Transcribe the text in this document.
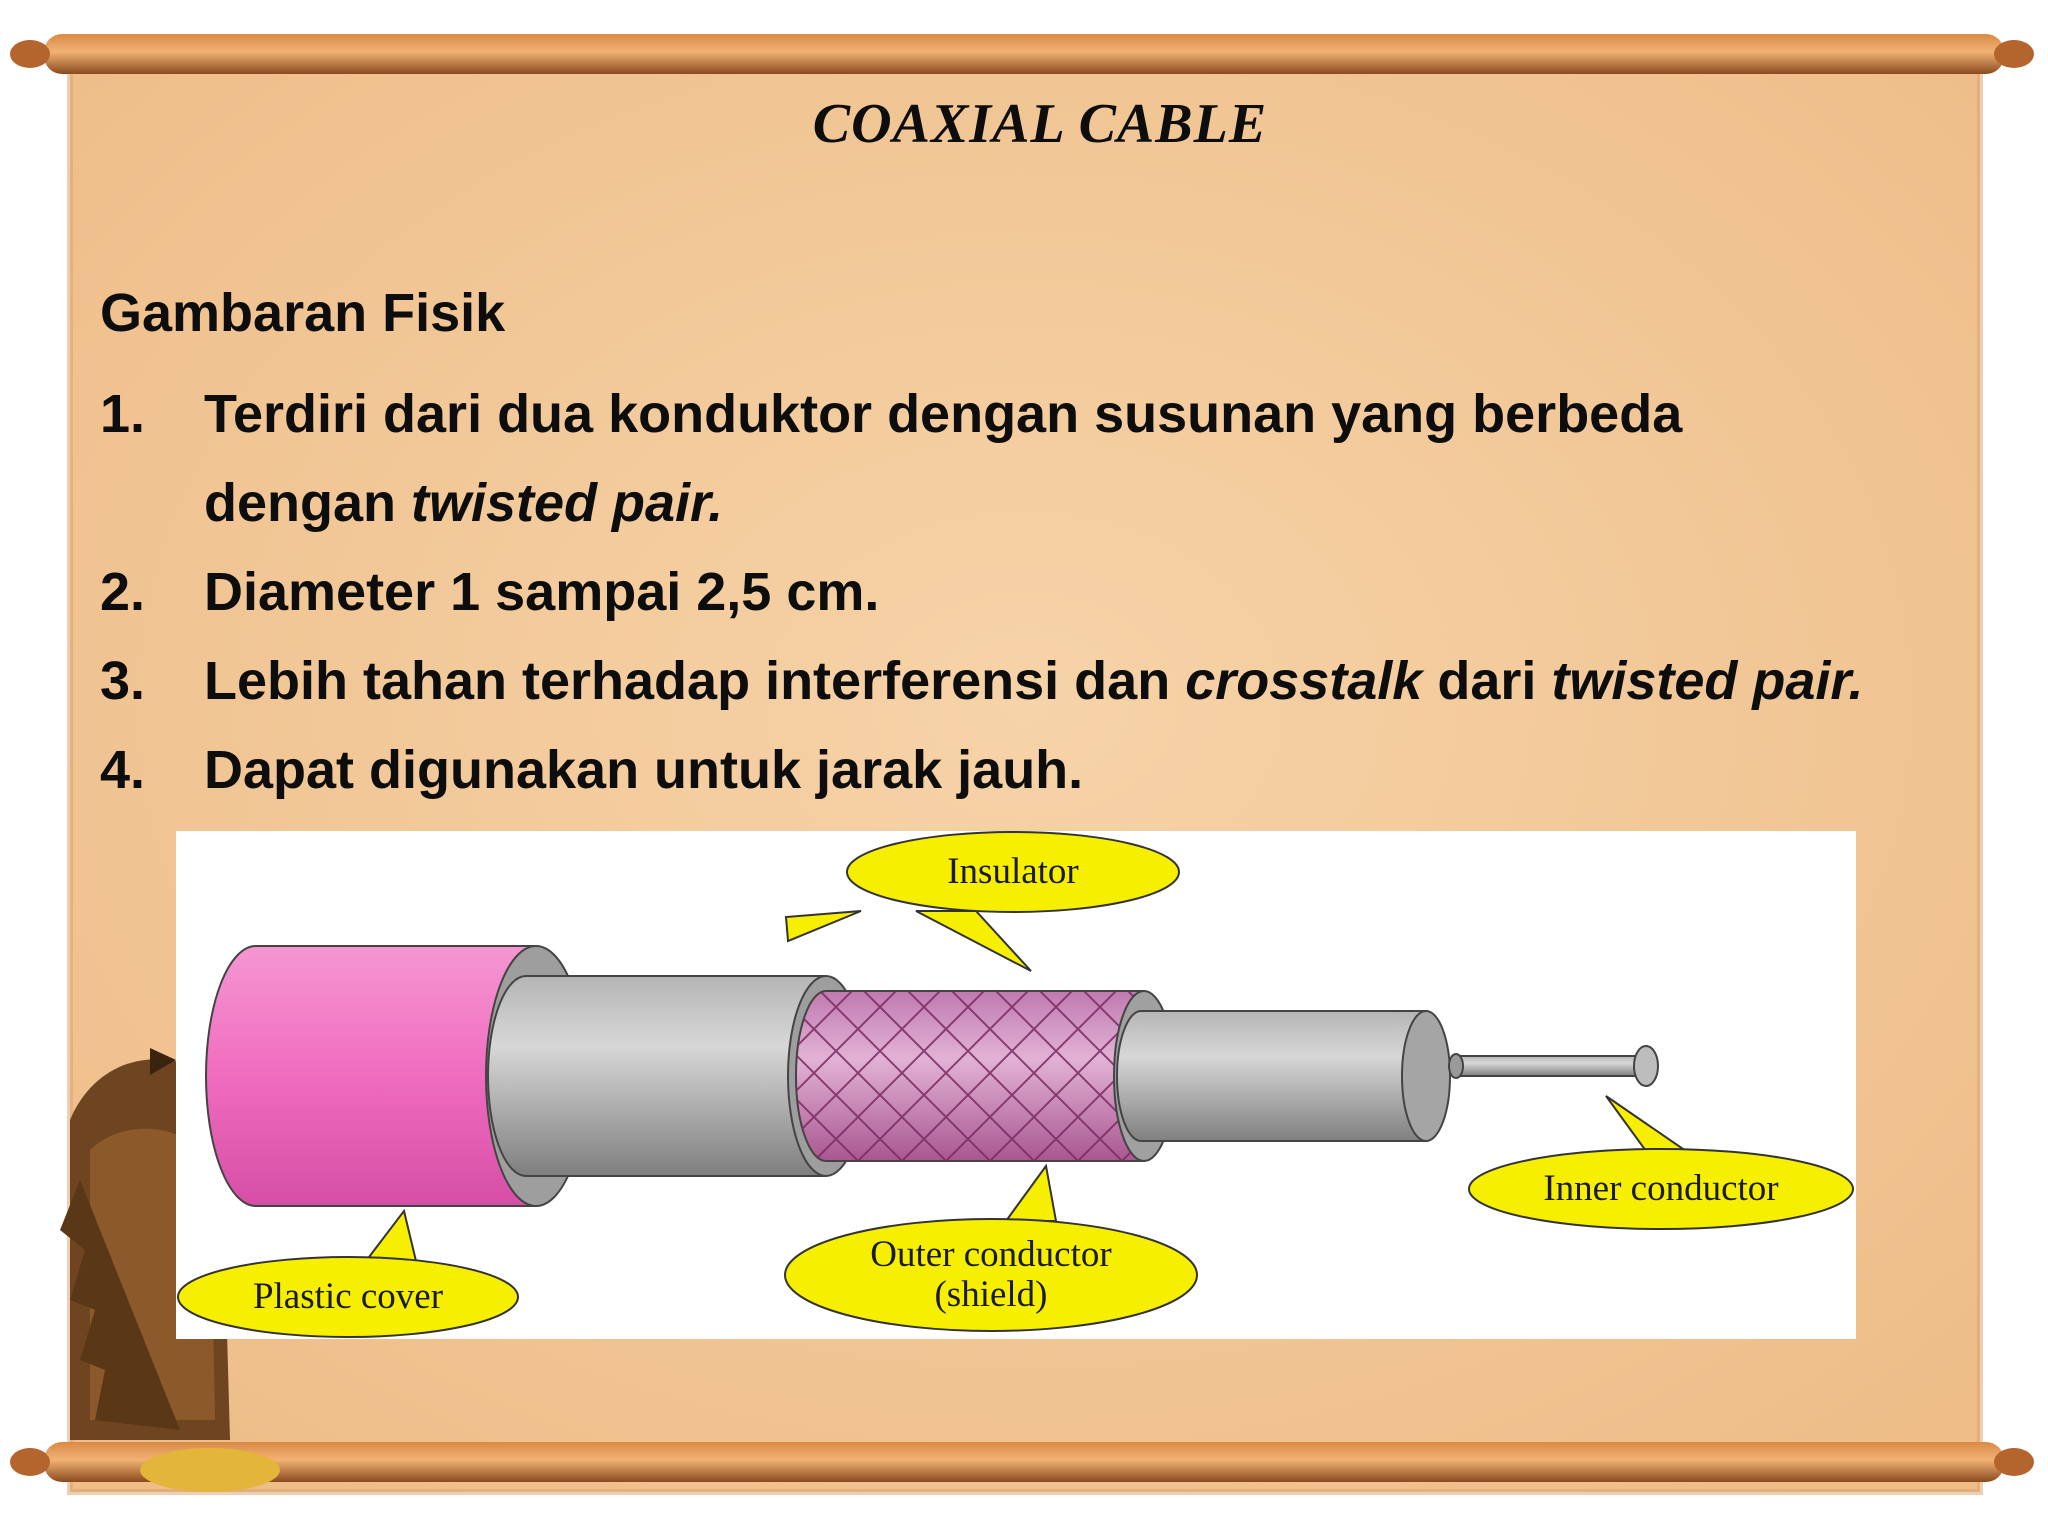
COAXIAL CABLE
Gambaran Fisik
1. Terdiri dari dua konduktor dengan susunan yang berbeda
dengan twisted pair.
2. Diameter 1 sampai 2,5 cm.
3. Lebih tahan terhadap interferensi dan crosstalk dari twisted pair.
4. Dapat digunakan untuk jarak jauh.
Insulator
Plastic cover
Outer conductor
(shield)
Inner conductor
